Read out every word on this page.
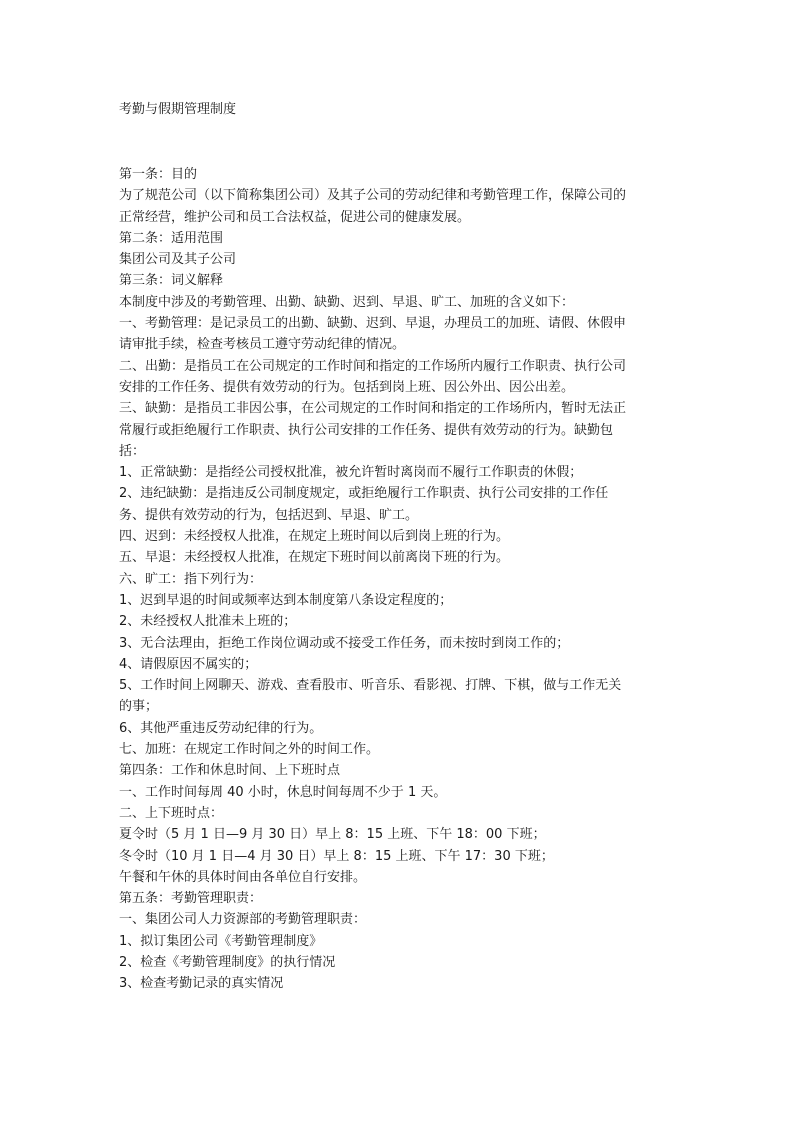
考勤与假期管理制度
第一条：目的
为了规范公司（以下简称集团公司）及其子公司的劳动纪律和考勤管理工作，保障公司的
正常经营，维护公司和员工合法权益，促进公司的健康发展。
第二条：适用范围
集团公司及其子公司
第三条：词义解释
本制度中涉及的考勤管理、出勤、缺勤、迟到、早退、旷工、加班的含义如下：
一、考勤管理：是记录员工的出勤、缺勤、迟到、早退，办理员工的加班、请假、休假申
请审批手续，检查考核员工遵守劳动纪律的情况。
二、出勤：是指员工在公司规定的工作时间和指定的工作场所内履行工作职责、执行公司
安排的工作任务、提供有效劳动的行为。包括到岗上班、因公外出、因公出差。
三、缺勤：是指员工非因公事，在公司规定的工作时间和指定的工作场所内，暂时无法正
常履行或拒绝履行工作职责、执行公司安排的工作任务、提供有效劳动的行为。缺勤包
括：
1、正常缺勤：是指经公司授权批准，被允许暂时离岗而不履行工作职责的休假；
2、违纪缺勤：是指违反公司制度规定，或拒绝履行工作职责、执行公司安排的工作任
务、提供有效劳动的行为，包括迟到、早退、旷工。
四、迟到：未经授权人批准，在规定上班时间以后到岗上班的行为。
五、早退：未经授权人批准，在规定下班时间以前离岗下班的行为。
六、旷工：指下列行为：
1、迟到早退的时间或频率达到本制度第八条设定程度的；
2、未经授权人批准未上班的；
3、无合法理由，拒绝工作岗位调动或不接受工作任务，而未按时到岗工作的；
4、请假原因不属实的；
5、工作时间上网聊天、游戏、查看股市、听音乐、看影视、打牌、下棋，做与工作无关
的事；
6、其他严重违反劳动纪律的行为。
七、加班：在规定工作时间之外的时间工作。
第四条：工作和休息时间、上下班时点
一、工作时间每周 40 小时，休息时间每周不少于 1 天。
二、上下班时点：
夏令时（5 月 1 日—9 月 30 日）早上 8：15 上班、下午 18：00 下班；
冬令时（10 月 1 日—4 月 30 日）早上 8：15 上班、下午 17：30 下班；
午餐和午休的具体时间由各单位自行安排。
第五条：考勤管理职责：
一、集团公司人力资源部的考勤管理职责：
1、拟订集团公司《考勤管理制度》
2、检查《考勤管理制度》的执行情况
3、检查考勤记录的真实情况
